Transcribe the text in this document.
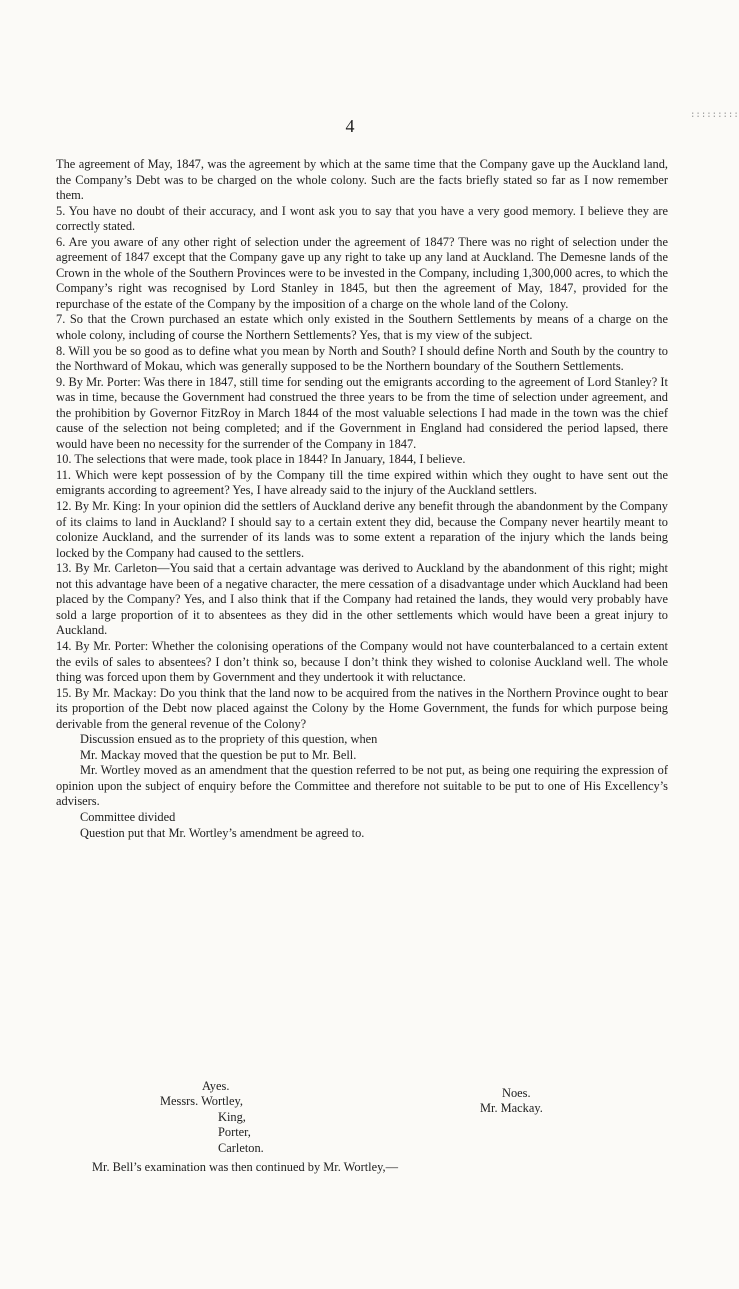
4

The agreement of May, 1847, was the agreement by which at the same time that the Company gave up the Auckland land, the Company’s Debt was to be charged on the whole colony. Such are the facts briefly stated so far as I now remember them.

5. You have no doubt of their accuracy, and I wont ask you to say that you have a very good memory. I believe they are correctly stated.

6. Are you aware of any other right of selection under the agreement of 1847? There was no right of selection under the agreement of 1847 except that the Company gave up any right to take up any land at Auckland. The Demesne lands of the Crown in the whole of the Southern Provinces were to be invested in the Company, including 1,300,000 acres, to which the Company’s right was recognised by Lord Stanley in 1845, but then the agreement of May, 1847, provided for the repurchase of the estate of the Company by the imposition of a charge on the whole land of the Colony.

7. So that the Crown purchased an estate which only existed in the Southern Settlements by means of a charge on the whole colony, including of course the Northern Settlements? Yes, that is my view of the subject.

8. Will you be so good as to define what you mean by North and South? I should define North and South by the country to the Northward of Mokau, which was generally supposed to be the Northern boundary of the Southern Settlements.

9. By Mr. Porter: Was there in 1847, still time for sending out the emigrants according to the agreement of Lord Stanley? It was in time, because the Government had construed the three years to be from the time of selection under agreement, and the prohibition by Governor FitzRoy in March 1844 of the most valuable selections I had made in the town was the chief cause of the selection not being completed; and if the Government in England had considered the period lapsed, there would have been no necessity for the surrender of the Company in 1847.

10. The selections that were made, took place in 1844? In January, 1844, I believe.

11. Which were kept possession of by the Company till the time expired within which they ought to have sent out the emigrants according to agreement? Yes, I have already said to the injury of the Auckland settlers.

12. By Mr. King: In your opinion did the settlers of Auckland derive any benefit through the abandonment by the Company of its claims to land in Auckland? I should say to a certain extent they did, because the Company never heartily meant to colonize Auckland, and the surrender of its lands was to some extent a reparation of the injury which the lands being locked by the Company had caused to the settlers.

13. By Mr. Carleton—You said that a certain advantage was derived to Auckland by the abandonment of this right; might not this advantage have been of a negative character, the mere cessation of a disadvantage under which Auckland had been placed by the Company? Yes, and I also think that if the Company had retained the lands, they would very probably have sold a large proportion of it to absentees as they did in the other settlements which would have been a great injury to Auckland.

14. By Mr. Porter: Whether the colonising operations of the Company would not have counterbalanced to a certain extent the evils of sales to absentees? I don’t think so, because I don’t think they wished to colonise Auckland well. The whole thing was forced upon them by Government and they undertook it with reluctance.

15. By Mr. Mackay: Do you think that the land now to be acquired from the natives in the Northern Province ought to bear its proportion of the Debt now placed against the Colony by the Home Government, the funds for which purpose being derivable from the general revenue of the Colony?

Discussion ensued as to the propriety of this question, when

Mr. Mackay moved that the question be put to Mr. Bell.

Mr. Wortley moved as an amendment that the question referred to be not put, as being one requiring the expression of opinion upon the subject of enquiry before the Committee and therefore not suitable to be put to one of His Excellency’s advisers.

Committee divided

Question put that Mr. Wortley’s amendment be agreed to.

Ayes.
Messrs. Wortley,
King,
Porter,
Carleton.
Noes.
Mr. Mackay.
Mr. Bell’s examination was then continued by Mr. Wortley,—
:::::::::
